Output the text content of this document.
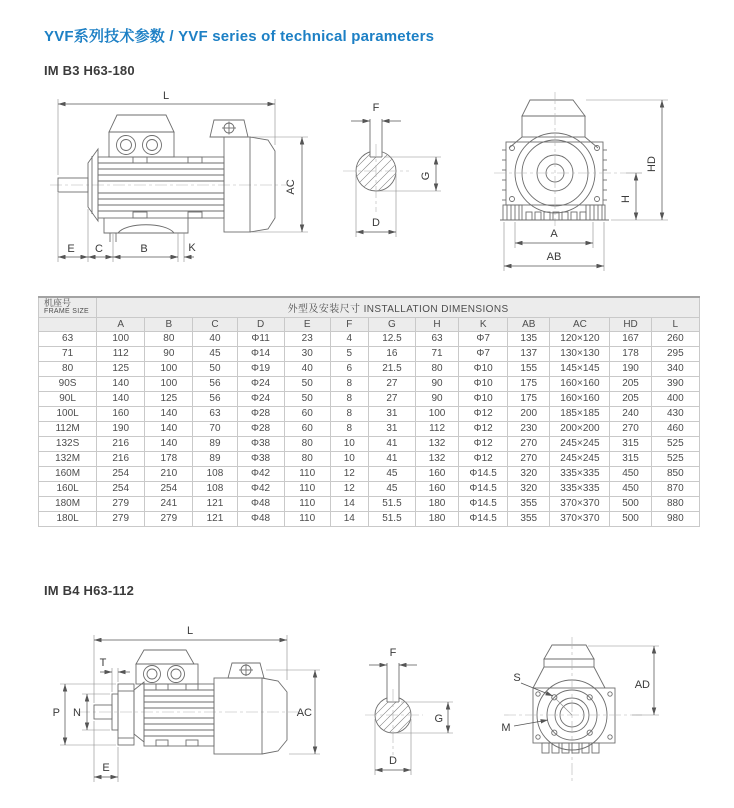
YVF系列技术参数 / YVF series of technical parameters
IM B3 H63-180
L
E C	B	K
AC
F
G
D
HD
H
A
AB
机座号
FRAME SIZE	外型及安装尺寸 INSTALLATION DIMENSIONS												
	A	B	C	D	E	F	G	H	K	AB	AC	HD	L
63	100	80	40	Φ11	23	4	12.5	63	Φ7	135	120×120	167	260
71	112	90	45	Φ14	30	5	16	71	Φ7	137	130×130	178	295
80	125	100	50	Φ19	40	6	21.5	80	Φ10	155	145×145	190	340
90S	140	100	56	Φ24	50	8	27	90	Φ10	175	160×160	205	390
90L	140	125	56	Φ24	50	8	27	90	Φ10	175	160×160	205	400
100L	160	140	63	Φ28	60	8	31	100	Φ12	200	185×185	240	430
112M	190	140	70	Φ28	60	8	31	112	Φ12	230	200×200	270	460
132S	216	140	89	Φ38	80	10	41	132	Φ12	270	245×245	315	525
132M	216	178	89	Φ38	80	10	41	132	Φ12	270	245×245	315	525
160M	254	210	108	Φ42	110	12	45	160	Φ14.5	320	335×335	450	850
160L	254	254	108	Φ42	110	12	45	160	Φ14.5	320	335×335	450	870
180M	279	241	121	Φ48	110	14	51.5	180	Φ14.5	355	370×370	500	880
180L	279	279	121	Φ48	110	14	51.5	180	Φ14.5	355	370×370	500	980
IM B4 H63-112
L
T
N
P
E
AC
F
G
D
S
M
AD
